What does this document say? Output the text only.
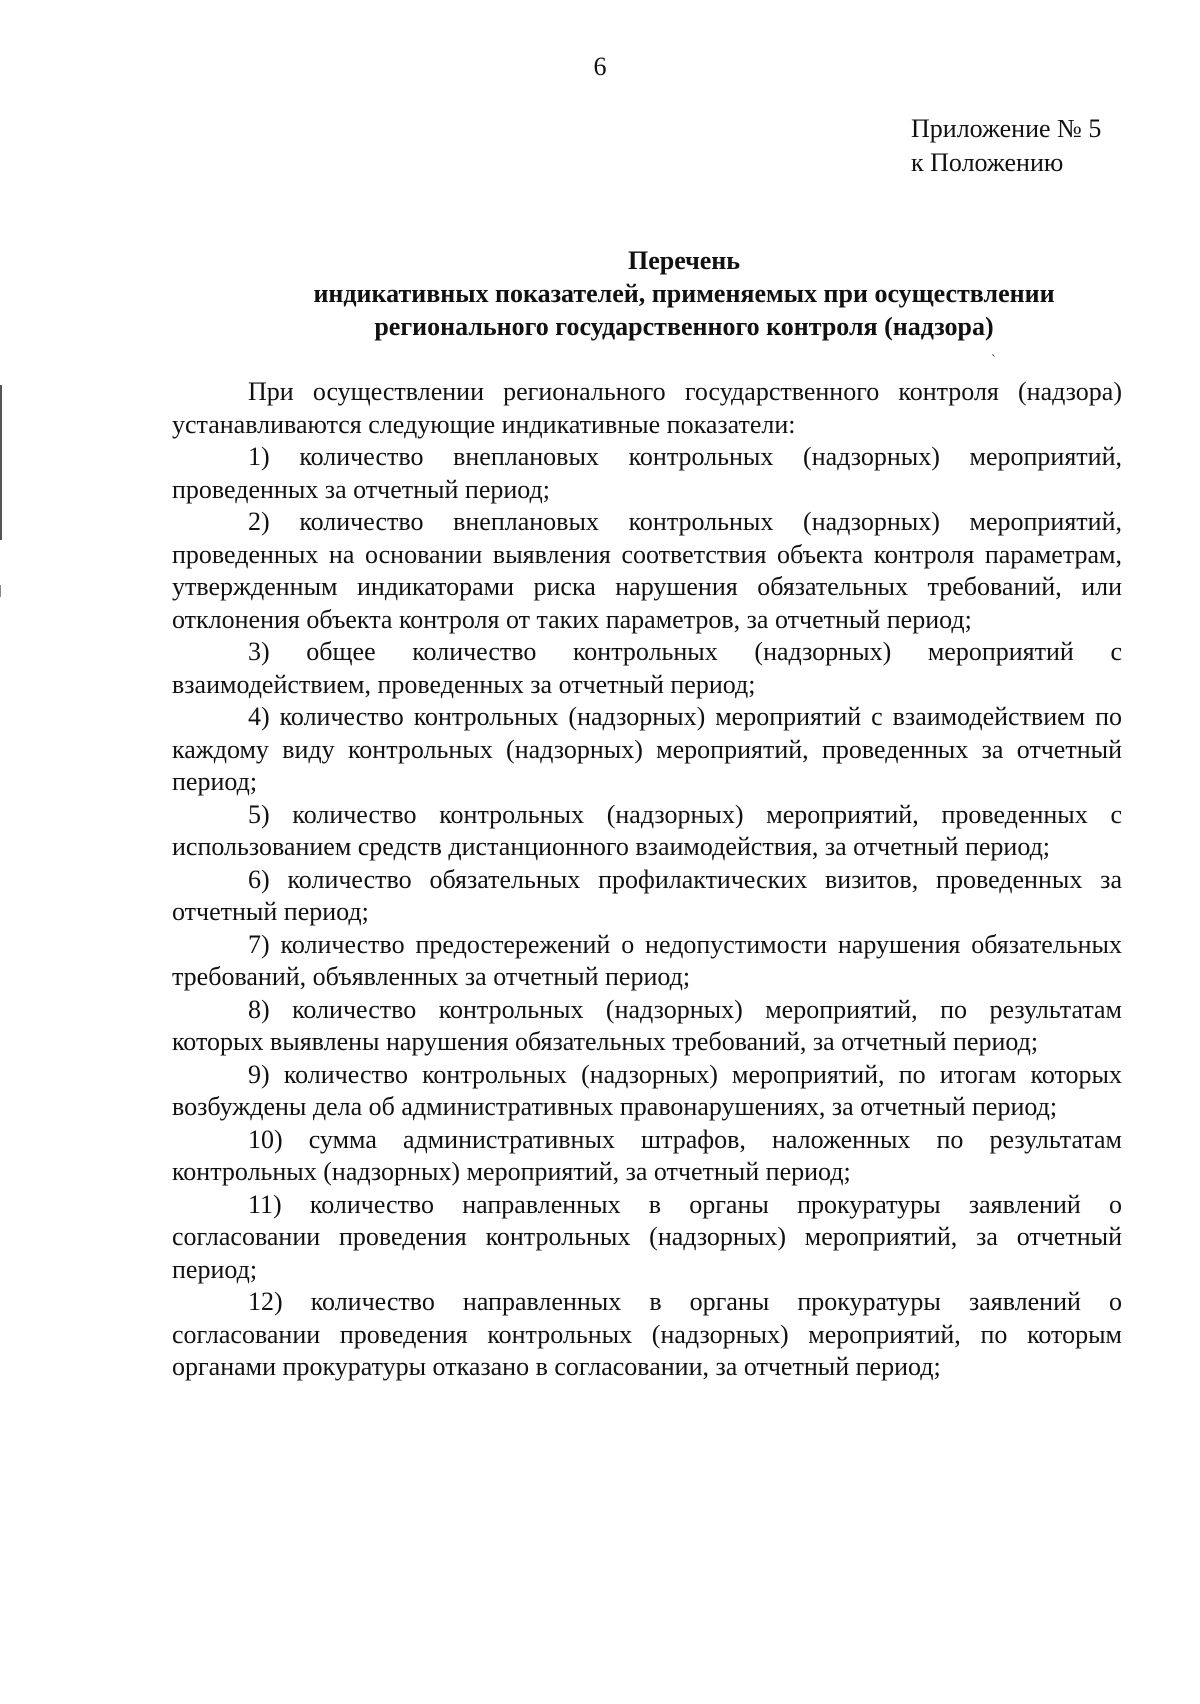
6
Приложение № 5
к Положению
Перечень
индикативных показателей, применяемых при осуществлении
регионального государственного контроля (надзора)
`

При осуществлении регионального государственного контроля (надзора) устанавливаются следующие индикативные показатели:

1) количество внеплановых контрольных (надзорных) мероприятий, проведенных за отчетный период;

2) количество внеплановых контрольных (надзорных) мероприятий, проведенных на основании выявления соответствия объекта контроля параметрам, утвержденным индикаторами риска нарушения обязательных требований, или отклонения объекта контроля от таких параметров, за отчетный период;

3) общее количество контрольных (надзорных) мероприятий с взаимодействием, проведенных за отчетный период;

4) количество контрольных (надзорных) мероприятий с взаимодействием по каждому виду контрольных (надзорных) мероприятий, проведенных за отчетный период;

5) количество контрольных (надзорных) мероприятий, проведенных с использованием средств дистанционного взаимодействия, за отчетный период;

6) количество обязательных профилактических визитов, проведенных за отчетный период;

7) количество предостережений о недопустимости нарушения обязательных требований, объявленных за отчетный период;

8) количество контрольных (надзорных) мероприятий, по результатам которых выявлены нарушения обязательных требований, за отчетный период;

9) количество контрольных (надзорных) мероприятий, по итогам которых возбуждены дела об административных правонарушениях, за отчетный период;

10) сумма административных штрафов, наложенных по результатам контрольных (надзорных) мероприятий, за отчетный период;

11) количество направленных в органы прокуратуры заявлений о согласовании проведения контрольных (надзорных) мероприятий, за отчетный период;

12) количество направленных в органы прокуратуры заявлений о согласовании проведения контрольных (надзорных) мероприятий, по которым органами прокуратуры отказано в согласовании, за отчетный период;
